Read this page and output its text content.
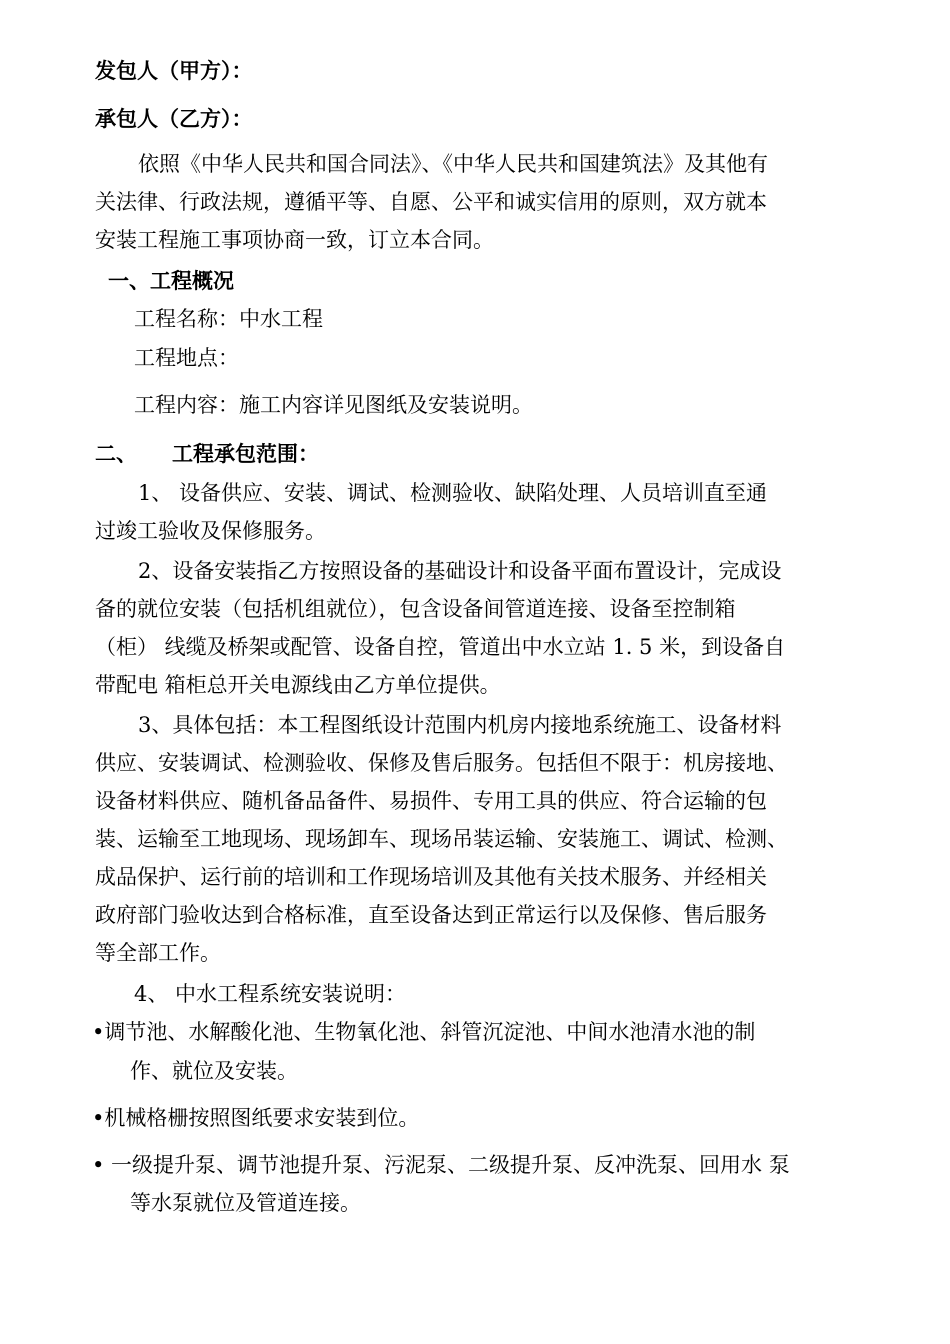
发包人（甲方）：
承包人（乙方）：
依照《中华人民共和国合同法》、《中华人民共和国建筑法》及其他有
关法律、行政法规，遵循平等、自愿、公平和诚实信用的原则，双方就本
安装工程施工事项协商一致，订立本合同。
一、工程概况
工程名称：中水工程
工程地点：
工程内容：施工内容详见图纸及安装说明。
二、 工程承包范围：
1、 设备供应、安装、调试、检测验收、缺陷处理、人员培训直至通
过竣工验收及保修服务。
2、设备安装指乙方按照设备的基础设计和设备平面布置设计，完成设
备的就位安装（包括机组就位），包含设备间管道连接、设备至控制箱
（柜） 线缆及桥架或配管、设备自控，管道出中水立站 1. 5 米，到设备自
带配电 箱柜总开关电源线由乙方单位提供。
3、具体包括：本工程图纸设计范围内机房内接地系统施工、设备材料
供应、安装调试、检测验收、保修及售后服务。包括但不限于：机房接地、
设备材料供应、随机备品备件、易损件、专用工具的供应、符合运输的包
装、运输至工地现场、现场卸车、现场吊装运输、安装施工、调试、检测、
成品保护、运行前的培训和工作现场培训及其他有关技术服务、并经相关
政府部门验收达到合格标准，直至设备达到正常运行以及保修、售后服务
等全部工作。
4、 中水工程系统安装说明：
•调节池、水解酸化池、生物氧化池、斜管沉淀池、中间水池清水池的制
作、就位及安装。
•机械格栅按照图纸要求安装到位。
• 一级提升泵、调节池提升泵、污泥泵、二级提升泵、反冲洗泵、回用水 泵
等水泵就位及管道连接。
